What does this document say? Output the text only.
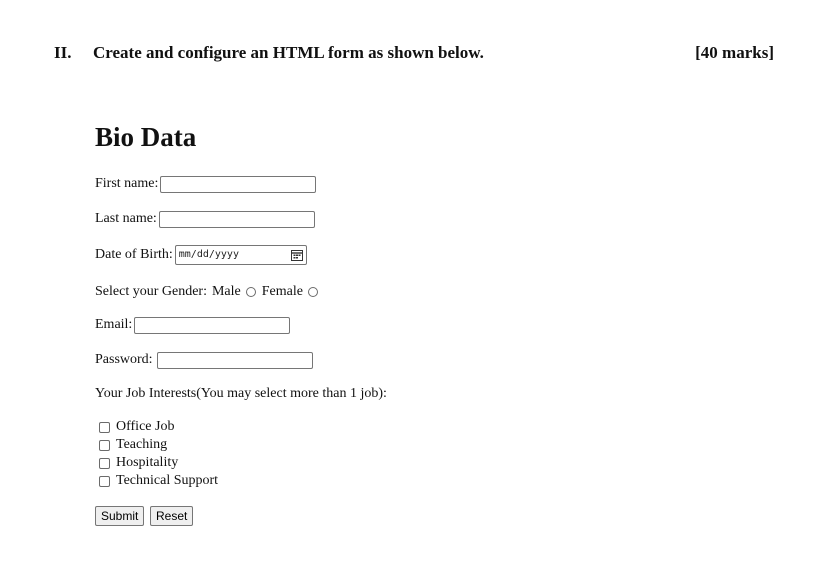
II. Create and configure an HTML form as shown below.	[40 marks]
Bio Data
First name:
Last name:
Date of Birth: mm/dd/yyyy
Select your Gender: Male Female
Email:
Password:
Your Job Interests(You may select more than 1 job):
Office Job
Teaching
Hospitality
Technical Support
Submit	Reset
